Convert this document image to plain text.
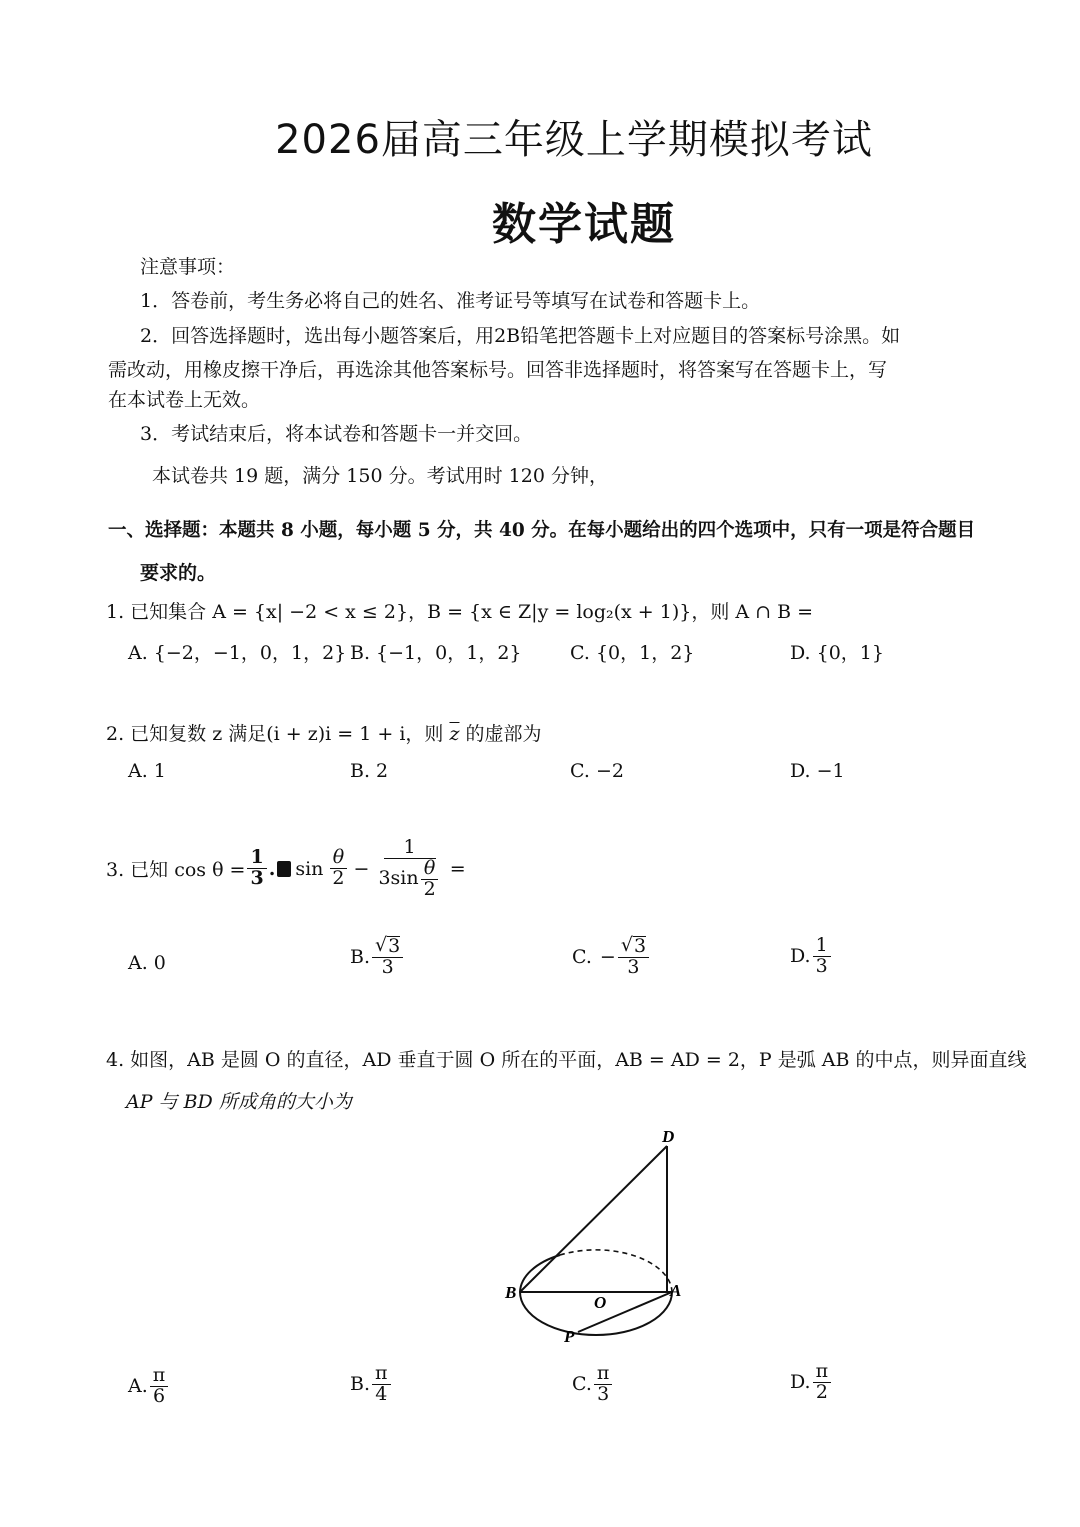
2026届高三年级上学期模拟考试
数学试题
注意事项：
1．答卷前，考生务必将自己的姓名、准考证号等填写在试卷和答题卡上。
2．回答选择题时，选出每小题答案后，用2B铅笔把答题卡上对应题目的答案标号涂黑。如
需改动，用橡皮擦干净后，再选涂其他答案标号。回答非选择题时，将答案写在答题卡上，写
在本试卷上无效。
3．考试结束后，将本试卷和答题卡一并交回。
本试卷共 19 题，满分 150 分。考试用时 120 分钟，
一、选择题：本题共 8 小题，每小题 5 分，共 40 分。在每小题给出的四个选项中，只有一项是符合题目
要求的。
1. 已知集合 A = {x| −2 < x ≤ 2}，B = {x ∈ Z|y = log₂(x + 1)}，则 A ∩ B =
A. {−2，−1，0，1，2} B. {−1，0，1，2}	C. {0，1，2}	D. {0，1}
2. 已知复数 z 满足(i + z)i = 1 + i，则 $\overline{z}$ 的虚部为
A. 1	B. 2	C. −2	D. −1
3. 已知 $\cos \theta = \frac{1}{3}$ . $\sin \frac{\theta}{2} - \frac{1}{3\sin \frac{\theta}{2}}$ =
A. 0	B. $\frac{√ 3}{3}$	C. − $\frac{√ 3}{3}$	D. $\frac{1}{3}$
4. 如图，AB 是圆 O 的直径，AD 垂直于圆 O 所在的平面，AB = AD = 2，P 是弧 AB 的中点，则异面直线
AP 与 BD 所成角的大小为
D
B
O
A
P
A. $\frac{\pi}{6}$	B. $\frac{\pi}{4}$	C. $\frac{\pi}{3}$	D. $\frac{\pi}{2}$
